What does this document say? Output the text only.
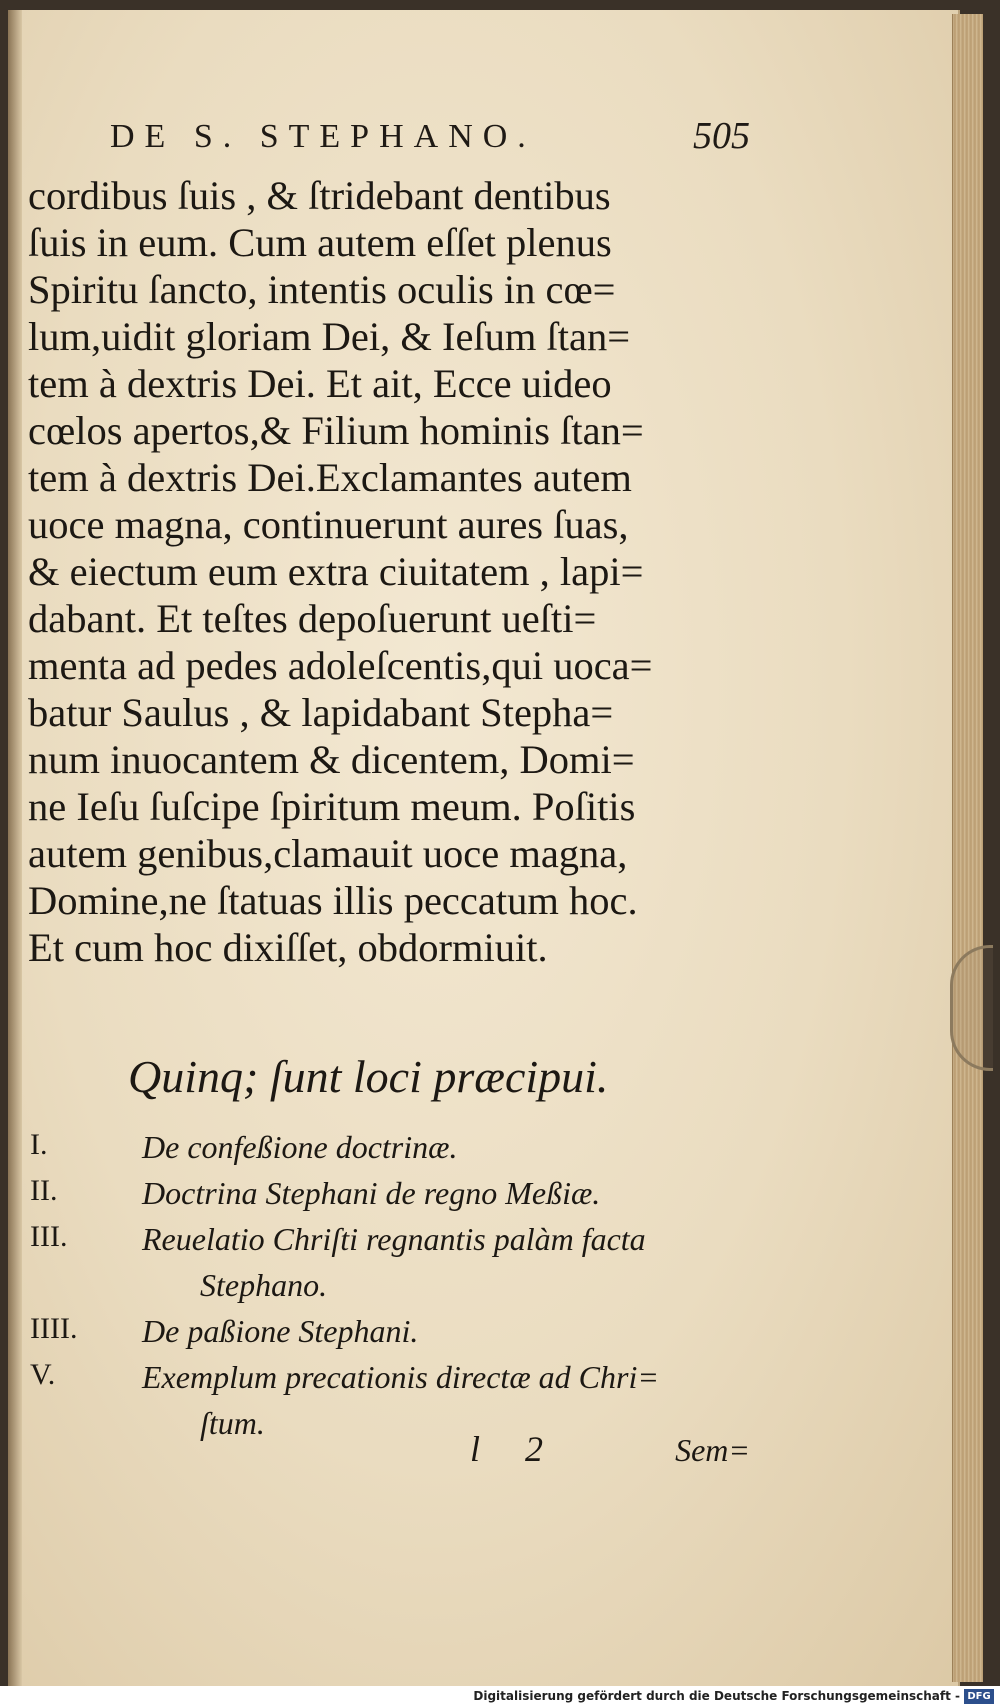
DE S. STEPHANO.	505
cordibus ſuis , & ſtridebant dentibus
ſuis in eum. Cum autem eſſet plenus
Spiritu ſancto, intentis oculis in cœ=
lum,uidit gloriam Dei, & Ieſum ſtan=
tem à dextris Dei. Et ait, Ecce uideo
cœlos apertos,& Filium hominis ſtan=
tem à dextris Dei.Exclamantes autem
uoce magna, continuerunt aures ſuas,
& eiectum eum extra ciuitatem , lapi=
dabant. Et teſtes depoſuerunt ueſti=
menta ad pedes adoleſcentis,qui uoca=
batur Saulus , & lapidabant Stepha=
num inuocantem & dicentem, Domi=
ne Ieſu ſuſcipe ſpiritum meum. Poſitis
autem genibus,clamauit uoce magna,
Domine,ne ſtatuas illis peccatum hoc.
Et cum hoc dixiſſet, obdormiuit.
Quinq; ſunt loci præcipui.
I.	De confeßione doctrinæ.
II.	Doctrina Stephani de regno Meßiæ.
III. Reuelatio Chriſti regnantis palàm facta
Stephano.
IIII. De paßione Stephani.
V.	Exemplum precationis directæ ad Chri=
ſtum.
l 2	Sem=
Digitalisierung gefördert durch die Deutsche Forschungsgemeinschaft - DFG
